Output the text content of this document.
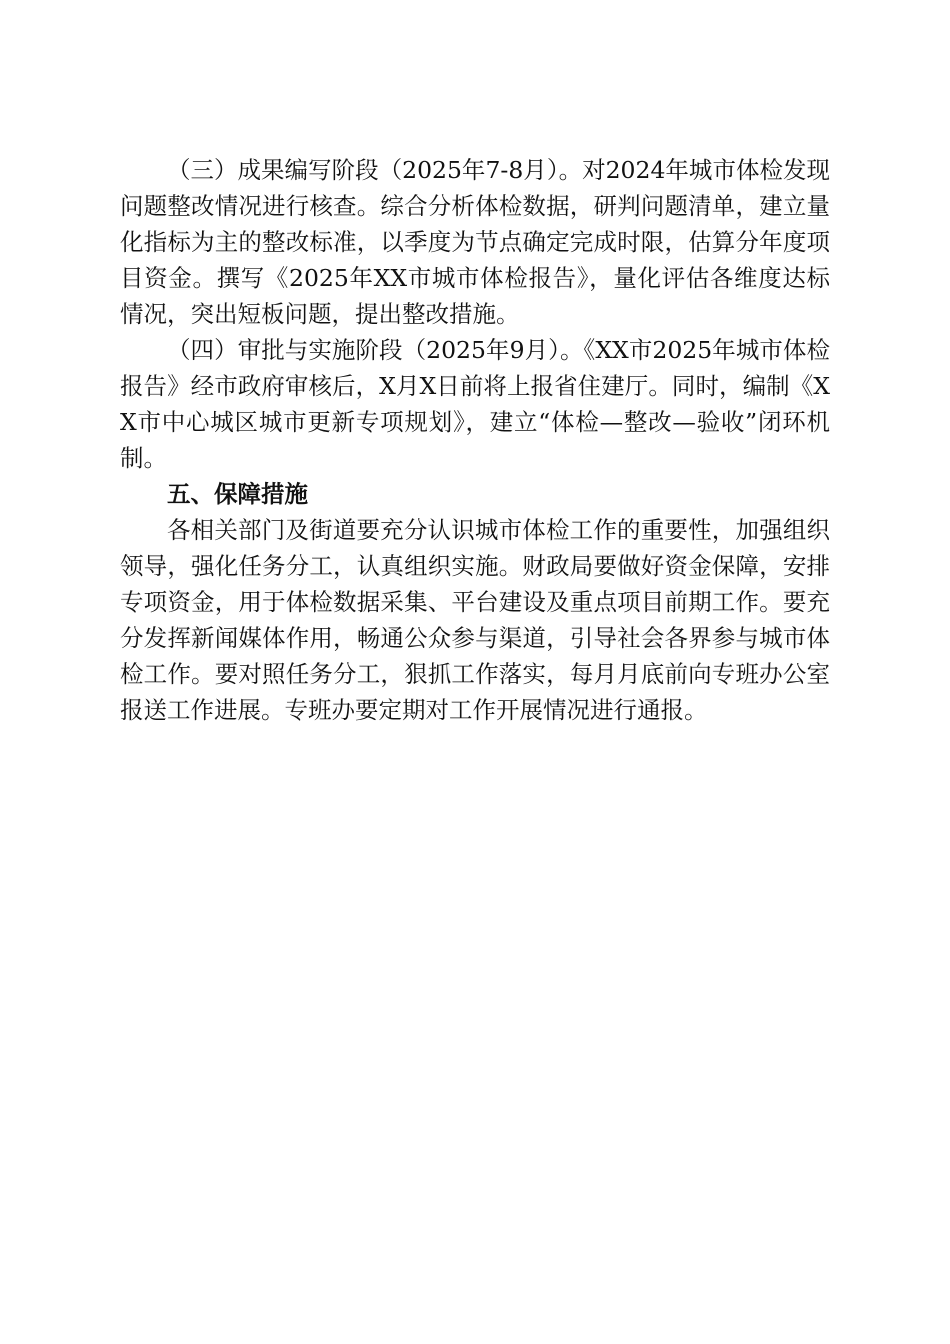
（三）成果编写阶段（2025年7-8月）。对2024年城市体检发现问题整改情况进行核查。综合分析体检数据，研判问题清单，建立量化指标为主的整改标准，以季度为节点确定完成时限，估算分年度项目资金。撰写《2025年XX市城市体检报告》，量化评估各维度达标情况，突出短板问题，提出整改措施。

（四）审批与实施阶段（2025年9月）。《XX市2025年城市体检报告》经市政府审核后，X月X日前将上报省住建厅。同时，编制《XX市中心城区城市更新专项规划》，建立“体检—整改—验收”闭环机制。

五、保障措施

各相关部门及街道要充分认识城市体检工作的重要性，加强组织领导，强化任务分工，认真组织实施。财政局要做好资金保障，安排专项资金，用于体检数据采集、平台建设及重点项目前期工作。要充分发挥新闻媒体作用，畅通公众参与渠道，引导社会各界参与城市体检工作。要对照任务分工，狠抓工作落实，每月月底前向专班办公室报送工作进展。专班办要定期对工作开展情况进行通报。
